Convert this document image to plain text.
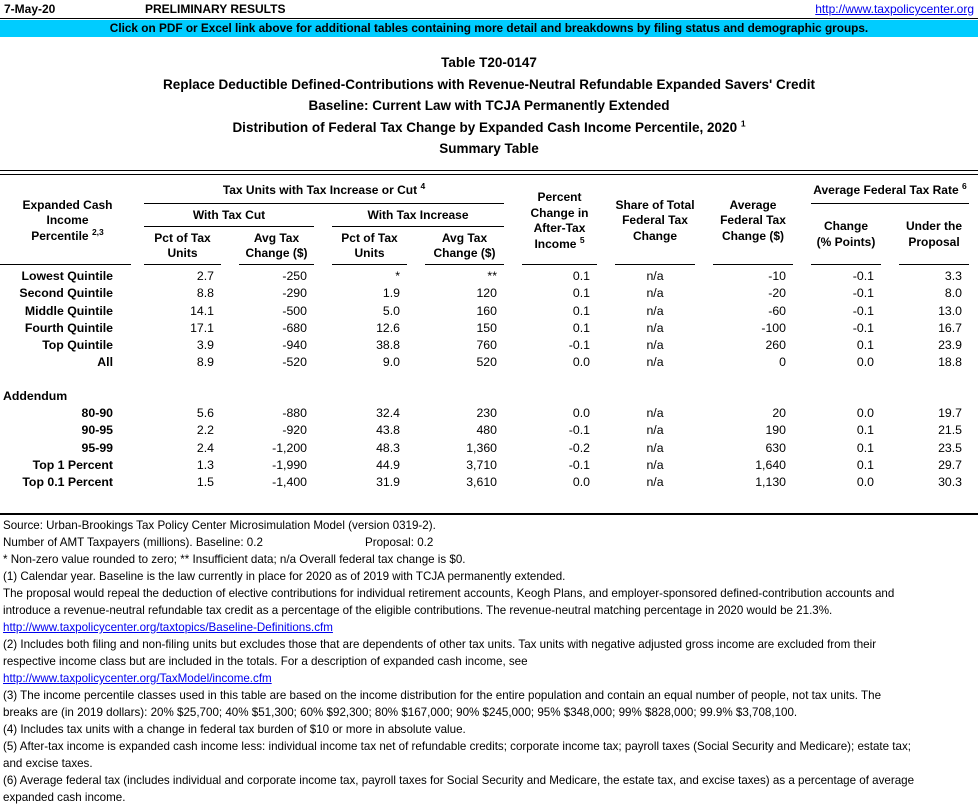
7-May-20	PRELIMINARY RESULTS	http://www.taxpolicycenter.org
Click on PDF or Excel link above for additional tables containing more detail and breakdowns by filing status and demographic groups.
Table T20-0147
Replace Deductible Defined-Contributions with Revenue-Neutral Refundable Expanded Savers' Credit
Baseline: Current Law with TCJA Permanently Extended
Distribution of Federal Tax Change by Expanded Cash Income Percentile, 2020 $^1$
Summary Table
Expanded Cash Income
Percentile $^{2,3}$
Tax Units with Tax Increase or Cut $^4$
With Tax Cut	With Tax Increase
Pct of Tax Units
Avg Tax Change ($)
Pct of Tax Units
Avg Tax Change ($)
Percent
Change in
After-Tax
Income $^5$
Share of Total
Federal Tax
Change
Average
Federal Tax
Change ($)
Average Federal Tax Rate $^6$
Change (% Points)
Under the Proposal
Lowest Quintile	2.7	-250	*	**	0.1	n/a	-10	-0.1	3.3
Second Quintile	8.8	-290	1.9	120	0.1	n/a	-20	-0.1	8.0
Middle Quintile	14.1	-500	5.0	160	0.1	n/a	-60	-0.1	13.0
Fourth Quintile	17.1	-680	12.6	150	0.1	n/a	-100	-0.1	16.7
Top Quintile	3.9	-940	38.8	760	-0.1	n/a	260	0.1	23.9
All	8.9	-520	9.0	520	0.0	n/a	0	0.0	18.8
Addendum
80-90	5.6	-880	32.4	230	0.0	n/a	20	0.0	19.7
90-95	2.2	-920	43.8	480	-0.1	n/a	190	0.1	21.5
95-99	2.4	-1,200	48.3	1,360	-0.2	n/a	630	0.1	23.5
Top 1 Percent	1.3	-1,990	44.9	3,710	-0.1	n/a	1,640	0.1	29.7
Top 0.1 Percent	1.5	-1,400	31.9	3,610	0.0	n/a	1,130	0.0	30.3
Source: Urban-Brookings Tax Policy Center Microsimulation Model (version 0319-2).
Number of AMT Taxpayers (millions). Baseline: 0.2	Proposal: 0.2
* Non-zero value rounded to zero; ** Insufficient data; n/a Overall federal tax change is $0.
(1) Calendar year. Baseline is the law currently in place for 2020 as of 2019 with TCJA permanently extended.
The proposal would repeal the deduction of elective contributions for individual retirement accounts, Keogh Plans, and employer-sponsored defined-contribution accounts and
introduce a revenue-neutral refundable tax credit as a percentage of the eligible contributions. The revenue-neutral matching percentage in 2020 would be 21.3%.
http://www.taxpolicycenter.org/taxtopics/Baseline-Definitions.cfm
(2) Includes both filing and non-filing units but excludes those that are dependents of other tax units. Tax units with negative adjusted gross income are excluded from their
respective income class but are included in the totals. For a description of expanded cash income, see
http://www.taxpolicycenter.org/TaxModel/income.cfm
(3) The income percentile classes used in this table are based on the income distribution for the entire population and contain an equal number of people, not tax units. The
breaks are (in 2019 dollars): 20% $25,700; 40% $51,300; 60% $92,300; 80% $167,000; 90% $245,000; 95% $348,000; 99% $828,000; 99.9% $3,708,100.
(4) Includes tax units with a change in federal tax burden of $10 or more in absolute value.
(5) After-tax income is expanded cash income less: individual income tax net of refundable credits; corporate income tax; payroll taxes (Social Security and Medicare); estate tax;
and excise taxes.
(6) Average federal tax (includes individual and corporate income tax, payroll taxes for Social Security and Medicare, the estate tax, and excise taxes) as a percentage of average
expanded cash income.
